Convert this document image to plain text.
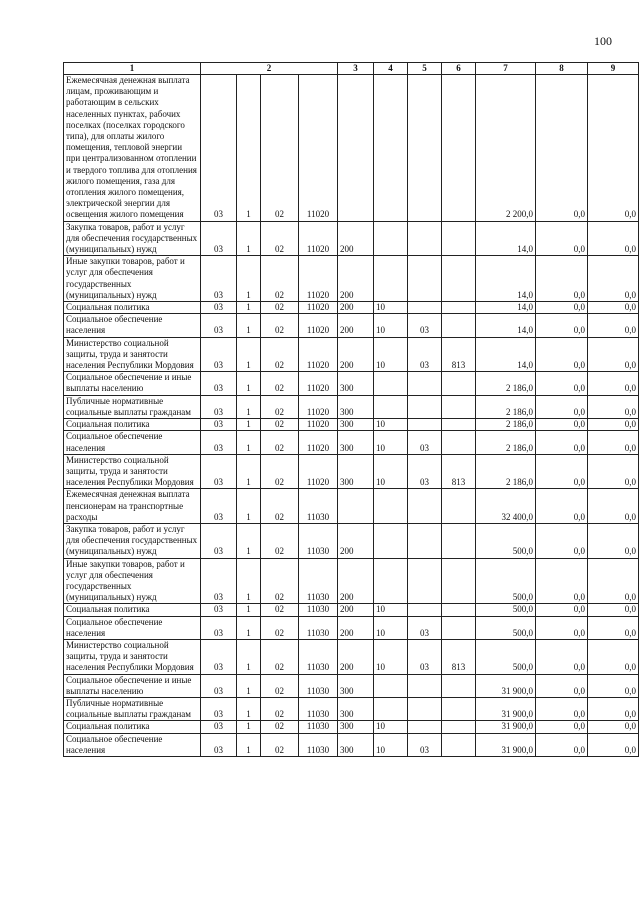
100
1	2				3	4	5	6	7	8	9
Ежемесячная денежная выплата лицам, проживающим и работающим в сельских населенных пунктах, рабочих поселках (поселках городского типа), для оплаты жилого помещения, тепловой энергии при централизованном отоплении и твердого топлива для отопления жилого помещения, газа для отопления жилого помещения, электрической энергии для освещения жилого помещения	03	1	02	11020					2 200,0	0,0	0,0
Закупка товаров, работ и услуг для обеспечения государственных (муниципальных) нужд	03	1	02	11020	200				14,0	0,0	0,0
Иные закупки товаров, работ и услуг для обеспечения государственных (муниципальных) нужд	03	1	02	11020	200				14,0	0,0	0,0
Социальная политика	03	1	02	11020	200	10			14,0	0,0	0,0
Социальное обеспечение населения	03	1	02	11020	200	10	03		14,0	0,0	0,0
Министерство социальной защиты, труда и занятости населения Республики Мордовия	03	1	02	11020	200	10	03	813	14,0	0,0	0,0
Социальное обеспечение и иные выплаты населению	03	1	02	11020	300				2 186,0	0,0	0,0
Публичные нормативные социальные выплаты гражданам	03	1	02	11020	300				2 186,0	0,0	0,0
Социальная политика	03	1	02	11020	300	10			2 186,0	0,0	0,0
Социальное обеспечение населения	03	1	02	11020	300	10	03		2 186,0	0,0	0,0
Министерство социальной защиты, труда и занятости населения Республики Мордовия	03	1	02	11020	300	10	03	813	2 186,0	0,0	0,0
Ежемесячная денежная выплата пенсионерам на транспортные расходы	03	1	02	11030					32 400,0	0,0	0,0
Закупка товаров, работ и услуг для обеспечения государственных (муниципальных) нужд	03	1	02	11030	200				500,0	0,0	0,0
Иные закупки товаров, работ и услуг для обеспечения государственных (муниципальных) нужд	03	1	02	11030	200				500,0	0,0	0,0
Социальная политика	03	1	02	11030	200	10			500,0	0,0	0,0
Социальное обеспечение населения	03	1	02	11030	200	10	03		500,0	0,0	0,0
Министерство социальной защиты, труда и занятости населения Республики Мордовия	03	1	02	11030	200	10	03	813	500,0	0,0	0,0
Социальное обеспечение и иные выплаты населению	03	1	02	11030	300				31 900,0	0,0	0,0
Публичные нормативные социальные выплаты гражданам	03	1	02	11030	300				31 900,0	0,0	0,0
Социальная политика	03	1	02	11030	300	10			31 900,0	0,0	0,0
Социальное обеспечение населения	03	1	02	11030	300	10	03		31 900,0	0,0	0,0
